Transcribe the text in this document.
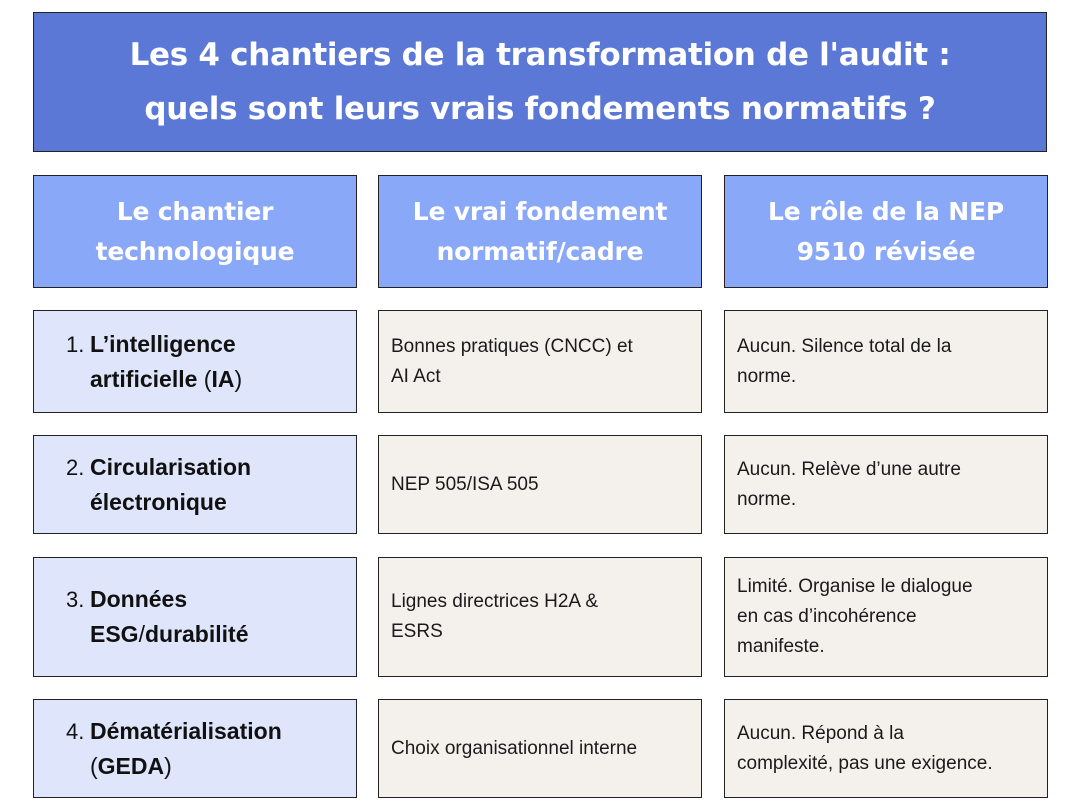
Les 4 chantiers de la transformation de l'audit :
quels sont leurs vrais fondements normatifs ?
Le chantier
technologique
Le vrai fondement
normatif/cadre
Le rôle de la NEP
9510 révisée
1. L’intelligence
artificielle (IA)
Bonnes pratiques (CNCC) et
AI Act
Aucun. Silence total de la
norme.
2. Circularisation
électronique
NEP 505/ISA 505
Aucun. Relève d’une autre
norme.
3. Données
ESG/durabilité
Lignes directrices H2A &
ESRS
Limité. Organise le dialogue
en cas d’incohérence
manifeste.
4. Dématérialisation
(GEDA)
Choix organisationnel interne
Aucun. Répond à la
complexité, pas une exigence.
